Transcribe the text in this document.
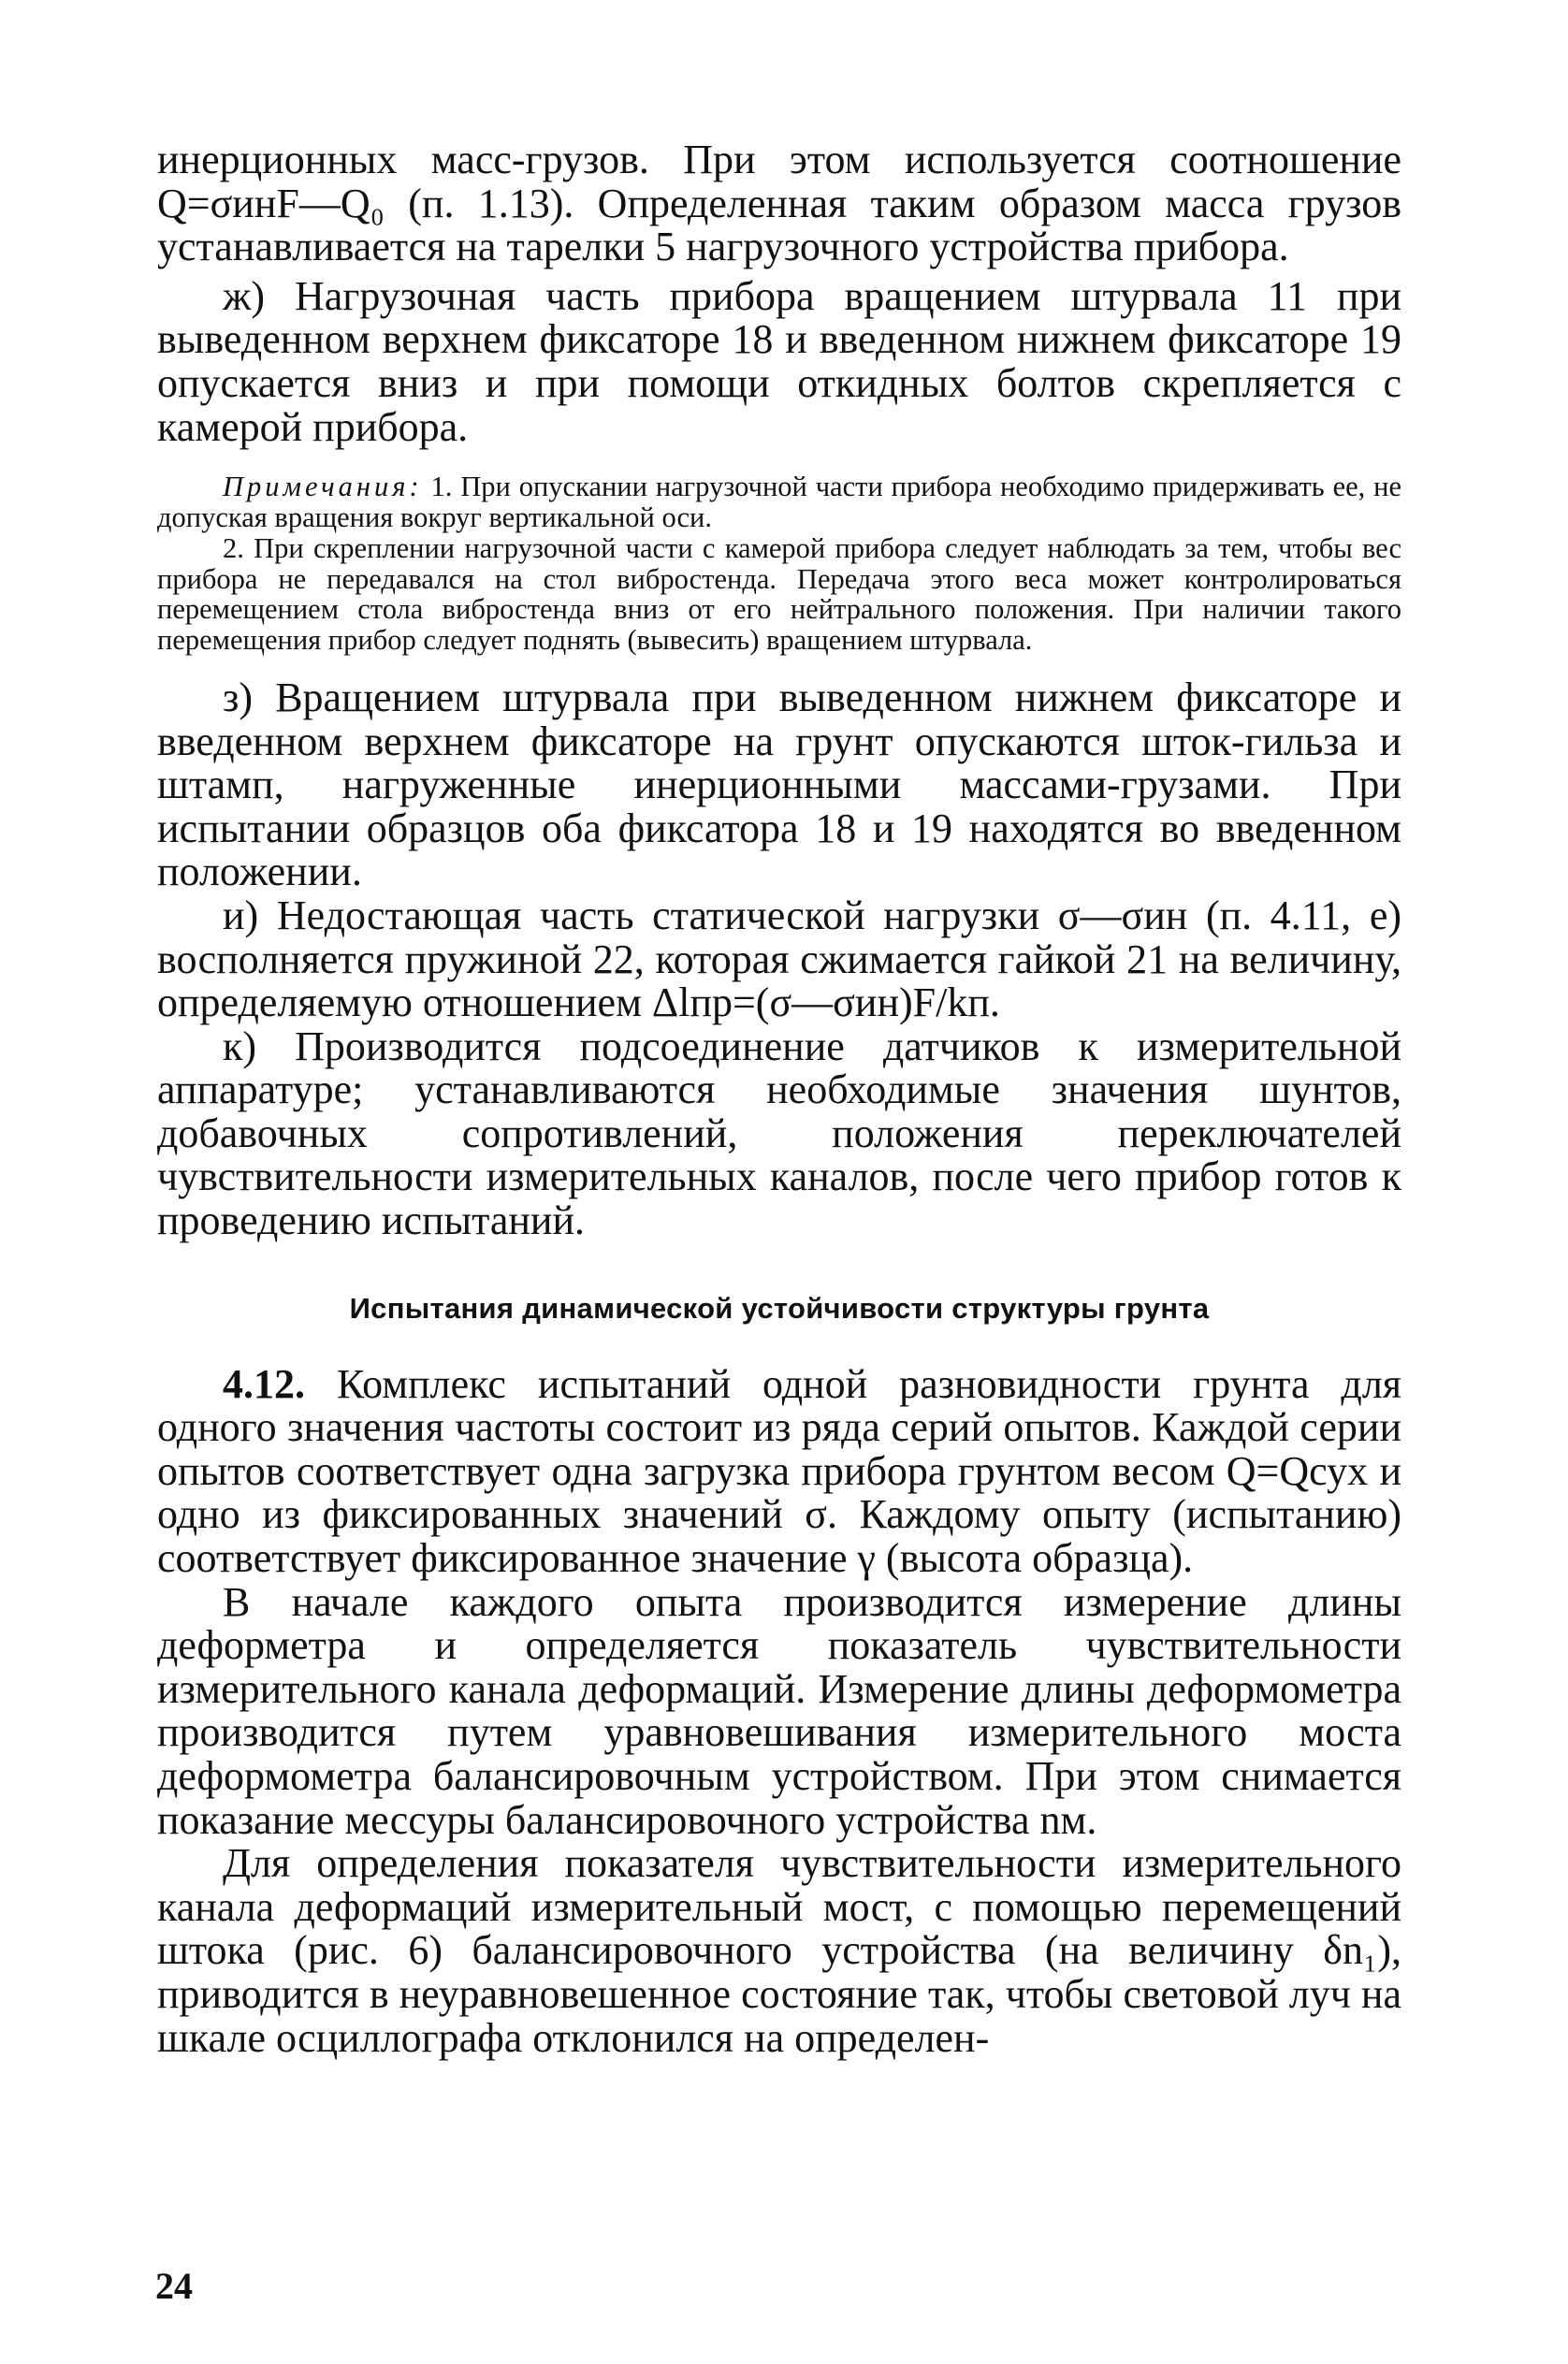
инерционных масс-грузов. При этом используется соотношение Q=σинF—Q₀ (п. 1.13). Определенная таким образом масса грузов устанавливается на тарелки 5 нагрузочного устройства прибора.

ж) Нагрузочная часть прибора вращением штурвала 11 при выведенном верхнем фиксаторе 18 и введенном нижнем фиксаторе 19 опускается вниз и при помощи откидных болтов скрепляется с камерой прибора.

Примечания: 1. При опускании нагрузочной части прибора необходимо придерживать ее, не допуская вращения вокруг вертикальной оси.

2. При скреплении нагрузочной части с камерой прибора следует наблюдать за тем, чтобы вес прибора не передавался на стол вибростенда. Передача этого веса может контролироваться перемещением стола вибростенда вниз от его нейтрального положения. При наличии такого перемещения прибор следует поднять (вывесить) вращением штурвала.

з) Вращением штурвала при выведенном нижнем фиксаторе и введенном верхнем фиксаторе на грунт опускаются шток-гильза и штамп, нагруженные инерционными массами-грузами. При испытании образцов оба фиксатора 18 и 19 находятся во введенном положении.

и) Недостающая часть статической нагрузки σ—σин (п. 4.11, е) восполняется пружиной 22, которая сжимается гайкой 21 на величину, определяемую отношением Δlпр=(σ—σин)F/kп.

к) Производится подсоединение датчиков к измерительной аппаратуре; устанавливаются необходимые значения шунтов, добавочных сопротивлений, положения переключателей чувствительности измерительных каналов, после чего прибор готов к проведению испытаний.

Испытания динамической устойчивости структуры грунта

4.12. Комплекс испытаний одной разновидности грунта для одного значения частоты состоит из ряда серий опытов. Каждой серии опытов соответствует одна загрузка прибора грунтом весом Q=Qсух и одно из фиксированных значений σ. Каждому опыту (испытанию) соответствует фиксированное значение γ (высота образца).

В начале каждого опыта производится измерение длины деформетра и определяется показатель чувствительности измерительного канала деформаций. Измерение длины деформометра производится путем уравновешивания измерительного моста деформометра балансировочным устройством. При этом снимается показание мессуры балансировочного устройства nм.

Для определения показателя чувствительности измерительного канала деформаций измерительный мост, с помощью перемещений штока (рис. 6) балансировочного устройства (на величину δn₁), приводится в неуравновешенное состояние так, чтобы световой луч на шкале осциллографа отклонился на определен-

24
